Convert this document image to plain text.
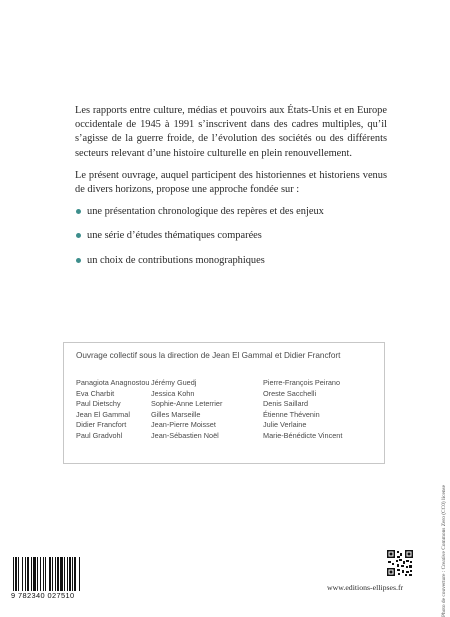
Les rapports entre culture, médias et pouvoirs aux États-Unis et en Europe occidentale de 1945 à 1991 s’inscrivent dans des cadres multiples, qu’il s’agisse de la guerre froide, de l’évolution des sociétés ou des différents secteurs relevant d’une histoire culturelle en plein renouvellement.

Le présent ouvrage, auquel participent des historiennes et historiens venus de divers horizons, propose une approche fondée sur :

une présentation chronologique des repères et des enjeux
une série d’études thématiques comparées
un choix de contributions monographiques
Ouvrage collectif sous la direction de Jean El Gammal et Didier Francfort
Panagiota Anagnostou
Eva Charbit
Paul Dietschy
Jean El Gammal
Didier Francfort
Paul Gradvohl
Jérémy Guedj
Jessica Kohn
Sophie-Anne Leterrier
Gilles Marseille
Jean-Pierre Moisset
Jean-Sébastien Noël
Pierre-François Peirano
Oreste Sacchelli
Denis Saillard
Étienne Thévenin
Julie Verlaine
Marie-Bénédicte Vincent
Photo de couverture : Creative Commons Zero (CC0) license
9 782340 027510
www.editions-ellipses.fr
